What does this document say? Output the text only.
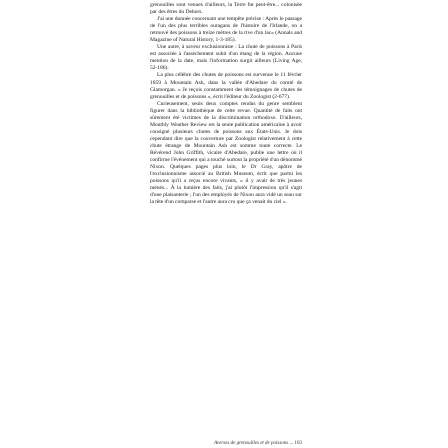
grenouilles sont venues d'ailleurs, la Terre fut peut-être... colonisée par des êtres du Dehors.

J'ai une donnée concernant une tempête précise : Après le passage de l'un des plus terribles ouragans de l'histoire de l'Irlande, on a retrouvé des poissons à treize mètres de la rive d'un lac» (Annals and Magazine of Natural History, 1-3-185).

Une autre, à saveur exclusionniste : La chute de poissons à Paris est associée à l'assèchement subit d'un étang de la région. Aucune mention de la date, mais l'information surgit ailleurs (Living Age, 52-186).

La plus célèbre des chutes de poissons est survenue le 11 février 1859 à Mountain Ash, dans la vallée d'Abedare du comté de Glamorgan. « Je reçois constamment des témoignages de chutes de grenouilles et de poissons », écrit l'éditeur du Zoologist (2-677).

Curieusement, seuls deux comptes rendus du genre semblent figurer dans la bibliothèque de cette revue. Quantité de faits ont sûrement été victimes de la discrimination orthodoxe. D'ailleurs, Monthly Weather Review est la seule publication américaine à avoir consigné plusieurs chutes de poissons aux États-Unis. Je dois cependant dire que la couverture par Zoologist relativement à cette chute étrange de Mountain Ash est somme toute correcte. Le Révérend John Griffith, vicaire d'Abedare, publie une lettre où il confirme l'événement qui a touché surtout la propriété d'un dénommé Nixon. Quelques pages plus loin, le Dr Gray, apôtre de l'exclusionnisme associé au British Museum, écrit que parmi les poissons qu'il a reçus encore vivants, « il y avait de très jeunes ménés... À la lumière des faits, j'ai plutôt l'impression qu'il s'agit d'une plaisanterie ; l'un des employés de Nixon aura vidé un seau sur la tête d'un comparse et l'autre aura cru que ça venait du ciel ».

Averses de grenouilles et de poissons ... 103
